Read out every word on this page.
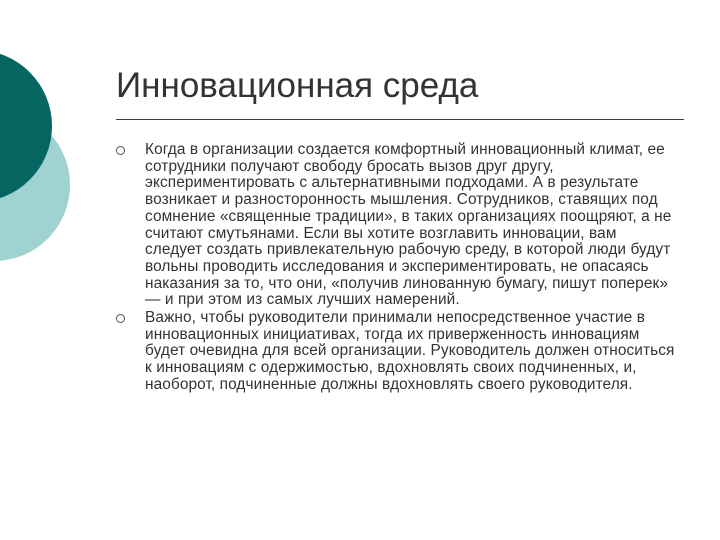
Инновационная среда
Когда в организации создается комфортный инновационный климат, ее сотрудники получают свободу бросать вызов друг другу, экспериментировать с альтернативными подходами. А в результате возникает и разносторонность мышления. Сотрудников, ставящих под сомнение «священные традиции», в таких организациях поощряют, а не считают смутьянами. Если вы хотите возглавить инновации, вам следует создать привлекательную рабочую среду, в которой люди будут вольны проводить исследования и экспериментировать, не опасаясь наказания за то, что они, «получив линованную бумагу, пишут поперек» — и при этом из самых лучших намерений.
Важно, чтобы руководители принимали непосредственное участие в инновационных инициативах, тогда их приверженность инновациям будет очевидна для всей организации. Руководитель должен относиться к инновациям с одержимостью, вдохновлять своих подчиненных, и, наоборот, подчиненные должны вдохновлять своего руководителя.
